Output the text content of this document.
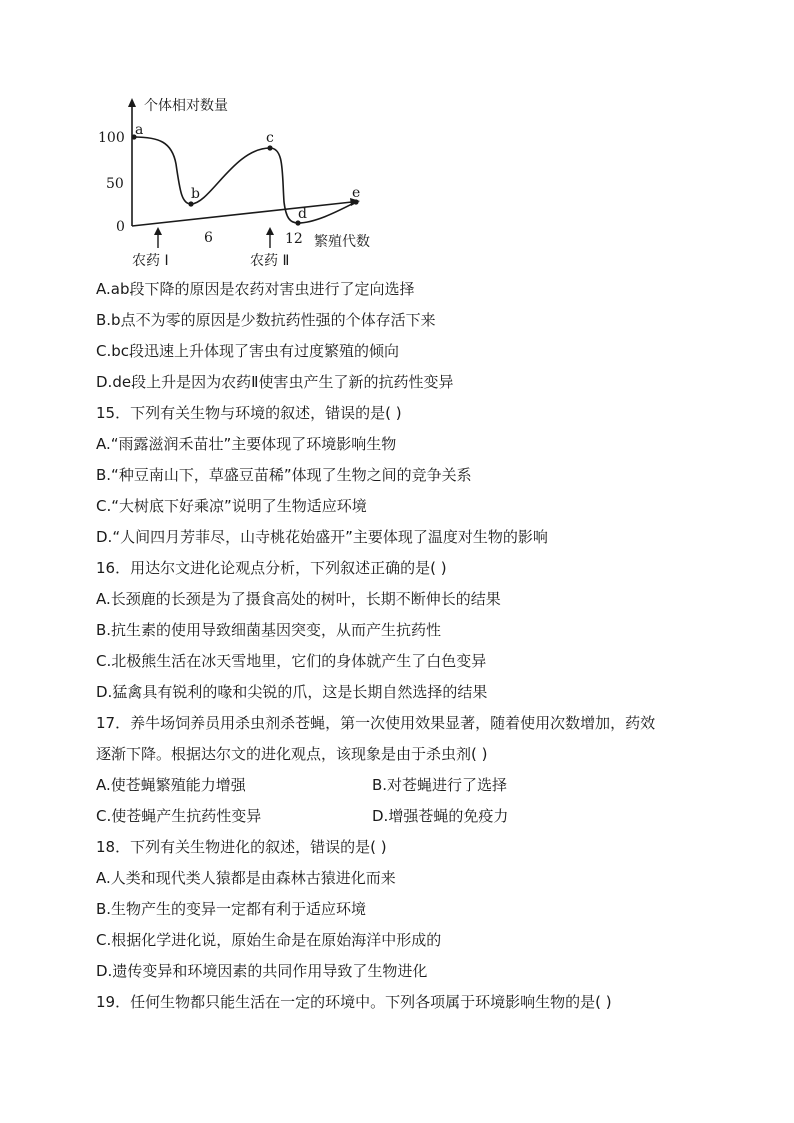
个体相对数量
繁殖代数
100
50
0
6	12
a
b
c
d
e
农药 Ⅰ	农药 Ⅱ
A.ab段下降的原因是农药对害虫进行了定向选择
B.b点不为零的原因是少数抗药性强的个体存活下来
C.bc段迅速上升体现了害虫有过度繁殖的倾向
D.de段上升是因为农药Ⅱ使害虫产生了新的抗药性变异
15．下列有关生物与环境的叙述，错误的是( )
A.“雨露滋润禾苗壮”主要体现了环境影响生物
B.“种豆南山下，草盛豆苗稀”体现了生物之间的竞争关系
C.“大树底下好乘凉”说明了生物适应环境
D.“人间四月芳菲尽，山寺桃花始盛开”主要体现了温度对生物的影响
16．用达尔文进化论观点分析，下列叙述正确的是( )
A.长颈鹿的长颈是为了摄食高处的树叶，长期不断伸长的结果
B.抗生素的使用导致细菌基因突变，从而产生抗药性
C.北极熊生活在冰天雪地里，它们的身体就产生了白色变异
D.猛禽具有锐利的喙和尖锐的爪，这是长期自然选择的结果
17．养牛场饲养员用杀虫剂杀苍蝇，第一次使用效果显著，随着使用次数增加，药效
逐渐下降。根据达尔文的进化观点，该现象是由于杀虫剂( )
A.使苍蝇繁殖能力增强	B.对苍蝇进行了选择
C.使苍蝇产生抗药性变异	D.增强苍蝇的免疫力
18．下列有关生物进化的叙述，错误的是( )
A.人类和现代类人猿都是由森林古猿进化而来
B.生物产生的变异一定都有利于适应环境
C.根据化学进化说，原始生命是在原始海洋中形成的
D.遗传变异和环境因素的共同作用导致了生物进化
19．任何生物都只能生活在一定的环境中。下列各项属于环境影响生物的是( )
